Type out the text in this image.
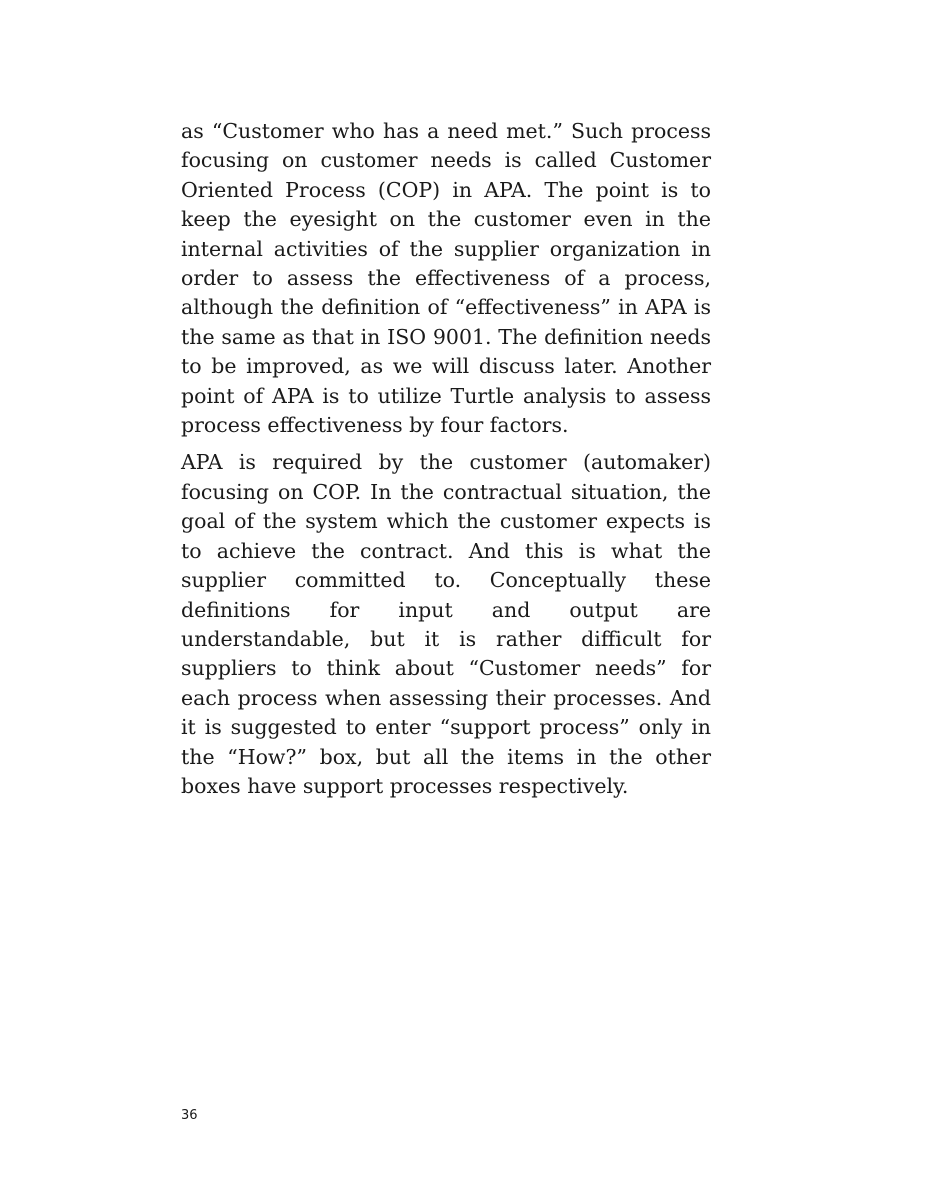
as “Customer who has a need met.” Such process focusing on customer needs is called Customer Oriented Process (COP) in APA. The point is to keep the eyesight on the customer even in the internal activities of the supplier organization in order to assess the effectiveness of a process, although the definition of “effectiveness” in APA is the same as that in ISO 9001. The definition needs to be improved, as we will discuss later. Another point of APA is to utilize Turtle analysis to assess process effectiveness by four factors.

APA is required by the customer (automaker) focusing on COP. In the contractual situation, the goal of the system which the customer expects is to achieve the contract. And this is what the supplier committed to. Conceptually these definitions for input and output are understandable, but it is rather difficult for suppliers to think about “Customer needs” for each process when assessing their processes. And it is suggested to enter “support process” only in the “How?” box, but all the items in the other boxes have support processes respectively.

36
